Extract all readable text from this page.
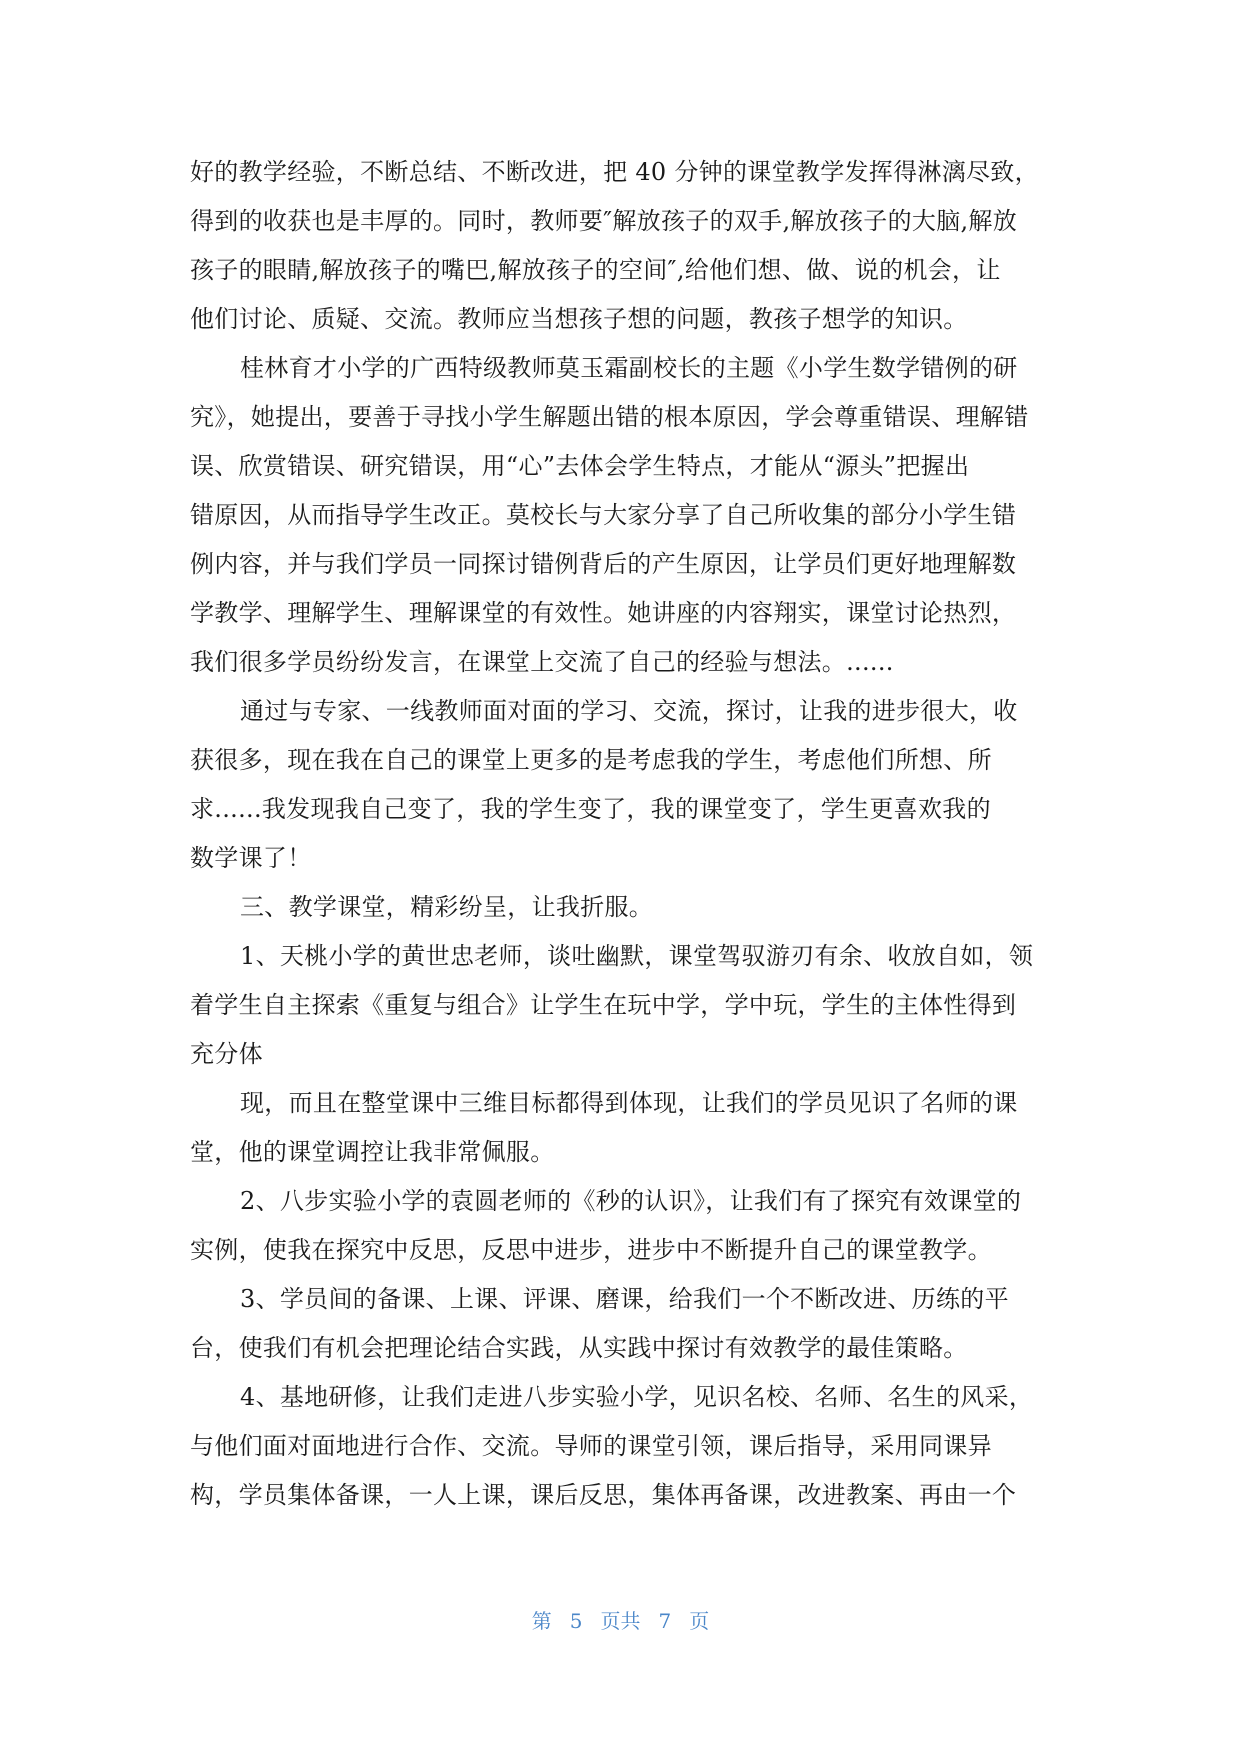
好的教学经验，不断总结、不断改进，把 40 分钟的课堂教学发挥得淋漓尽致，
得到的收获也是丰厚的。同时，教师要″解放孩子的双手,解放孩子的大脑,解放
孩子的眼睛,解放孩子的嘴巴,解放孩子的空间″,给他们想、做、说的机会，让
他们讨论、质疑、交流。教师应当想孩子想的问题，教孩子想学的知识。
桂林育才小学的广西特级教师莫玉霜副校长的主题《小学生数学错例的研
究》，她提出，要善于寻找小学生解题出错的根本原因，学会尊重错误、理解错
误、欣赏错误、研究错误，用“心”去体会学生特点，才能从“源头”把握出
错原因，从而指导学生改正。莫校长与大家分享了自己所收集的部分小学生错
例内容，并与我们学员一同探讨错例背后的产生原因，让学员们更好地理解数
学教学、理解学生、理解课堂的有效性。她讲座的内容翔实，课堂讨论热烈，
我们很多学员纷纷发言，在课堂上交流了自己的经验与想法。......
通过与专家、一线教师面对面的学习、交流，探讨，让我的进步很大，收
获很多，现在我在自己的课堂上更多的是考虑我的学生，考虑他们所想、所
求......我发现我自己变了，我的学生变了，我的课堂变了，学生更喜欢我的
数学课了！
三、教学课堂，精彩纷呈，让我折服。
1、天桃小学的黄世忠老师，谈吐幽默，课堂驾驭游刃有余、收放自如，领
着学生自主探索《重复与组合》让学生在玩中学，学中玩，学生的主体性得到
充分体
现，而且在整堂课中三维目标都得到体现，让我们的学员见识了名师的课
堂，他的课堂调控让我非常佩服。
2、八步实验小学的袁圆老师的《秒的认识》，让我们有了探究有效课堂的
实例，使我在探究中反思，反思中进步，进步中不断提升自己的课堂教学。
3、学员间的备课、上课、评课、磨课，给我们一个不断改进、历练的平
台，使我们有机会把理论结合实践，从实践中探讨有效教学的最佳策略。
4、基地研修，让我们走进八步实验小学，见识名校、名师、名生的风采，
与他们面对面地进行合作、交流。导师的课堂引领，课后指导，采用同课异
构，学员集体备课，一人上课，课后反思，集体再备课，改进教案、再由一个
第 5 页共 7 页
